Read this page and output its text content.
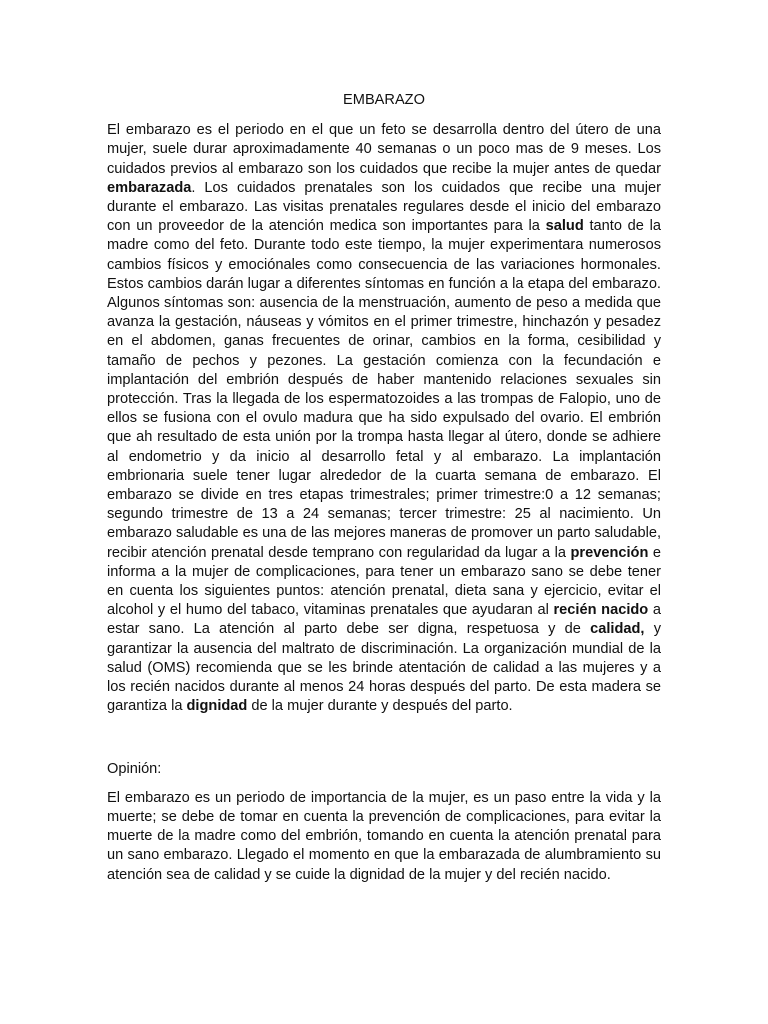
EMBARAZO

El embarazo es el periodo en el que un feto se desarrolla dentro del útero de una mujer, suele durar aproximadamente 40 semanas o un poco mas de 9 meses. Los cuidados previos al embarazo son los cuidados que recibe la mujer antes de quedar embarazada. Los cuidados prenatales son los cuidados que recibe una mujer durante el embarazo. Las visitas prenatales regulares desde el inicio del embarazo con un proveedor de la atención medica son importantes para la salud tanto de la madre como del feto. Durante todo este tiempo, la mujer experimentara numerosos cambios físicos y emociónales como consecuencia de las variaciones hormonales. Estos cambios darán lugar a diferentes síntomas en función a la etapa del embarazo. Algunos síntomas son: ausencia de la menstruación, aumento de peso a medida que avanza la gestación, náuseas y vómitos en el primer trimestre, hinchazón y pesadez en el abdomen, ganas frecuentes de orinar, cambios en la forma, cesibilidad y tamaño de pechos y pezones. La gestación comienza con la fecundación e implantación del embrión después de haber mantenido relaciones sexuales sin protección. Tras la llegada de los espermatozoides a las trompas de Falopio, uno de ellos se fusiona con el ovulo madura que ha sido expulsado del ovario. El embrión que ah resultado de esta unión por la trompa hasta llegar al útero, donde se adhiere al endometrio y da inicio al desarrollo fetal y al embarazo. La implantación embrionaria suele tener lugar alrededor de la cuarta semana de embarazo. El embarazo se divide en tres etapas trimestrales; primer trimestre:0 a 12 semanas; segundo trimestre de 13 a 24 semanas; tercer trimestre: 25 al nacimiento. Un embarazo saludable es una de las mejores maneras de promover un parto saludable, recibir atención prenatal desde temprano con regularidad da lugar a la prevención e informa a la mujer de complicaciones, para tener un embarazo sano se debe tener en cuenta los siguientes puntos: atención prenatal, dieta sana y ejercicio, evitar el alcohol y el humo del tabaco, vitaminas prenatales que ayudaran al recién nacido a estar sano. La atención al parto debe ser digna, respetuosa y de calidad, y garantizar la ausencia del maltrato de discriminación. La organización mundial de la salud (OMS) recomienda que se les brinde atentación de calidad a las mujeres y a los recién nacidos durante al menos 24 horas después del parto. De esta madera se garantiza la dignidad de la mujer durante y después del parto.

Opinión:

El embarazo es un periodo de importancia de la mujer, es un paso entre la vida y la muerte; se debe de tomar en cuenta la prevención de complicaciones, para evitar la muerte de la madre como del embrión, tomando en cuenta la atención prenatal para un sano embarazo. Llegado el momento en que la embarazada de alumbramiento su atención sea de calidad y se cuide la dignidad de la mujer y del recién nacido.
